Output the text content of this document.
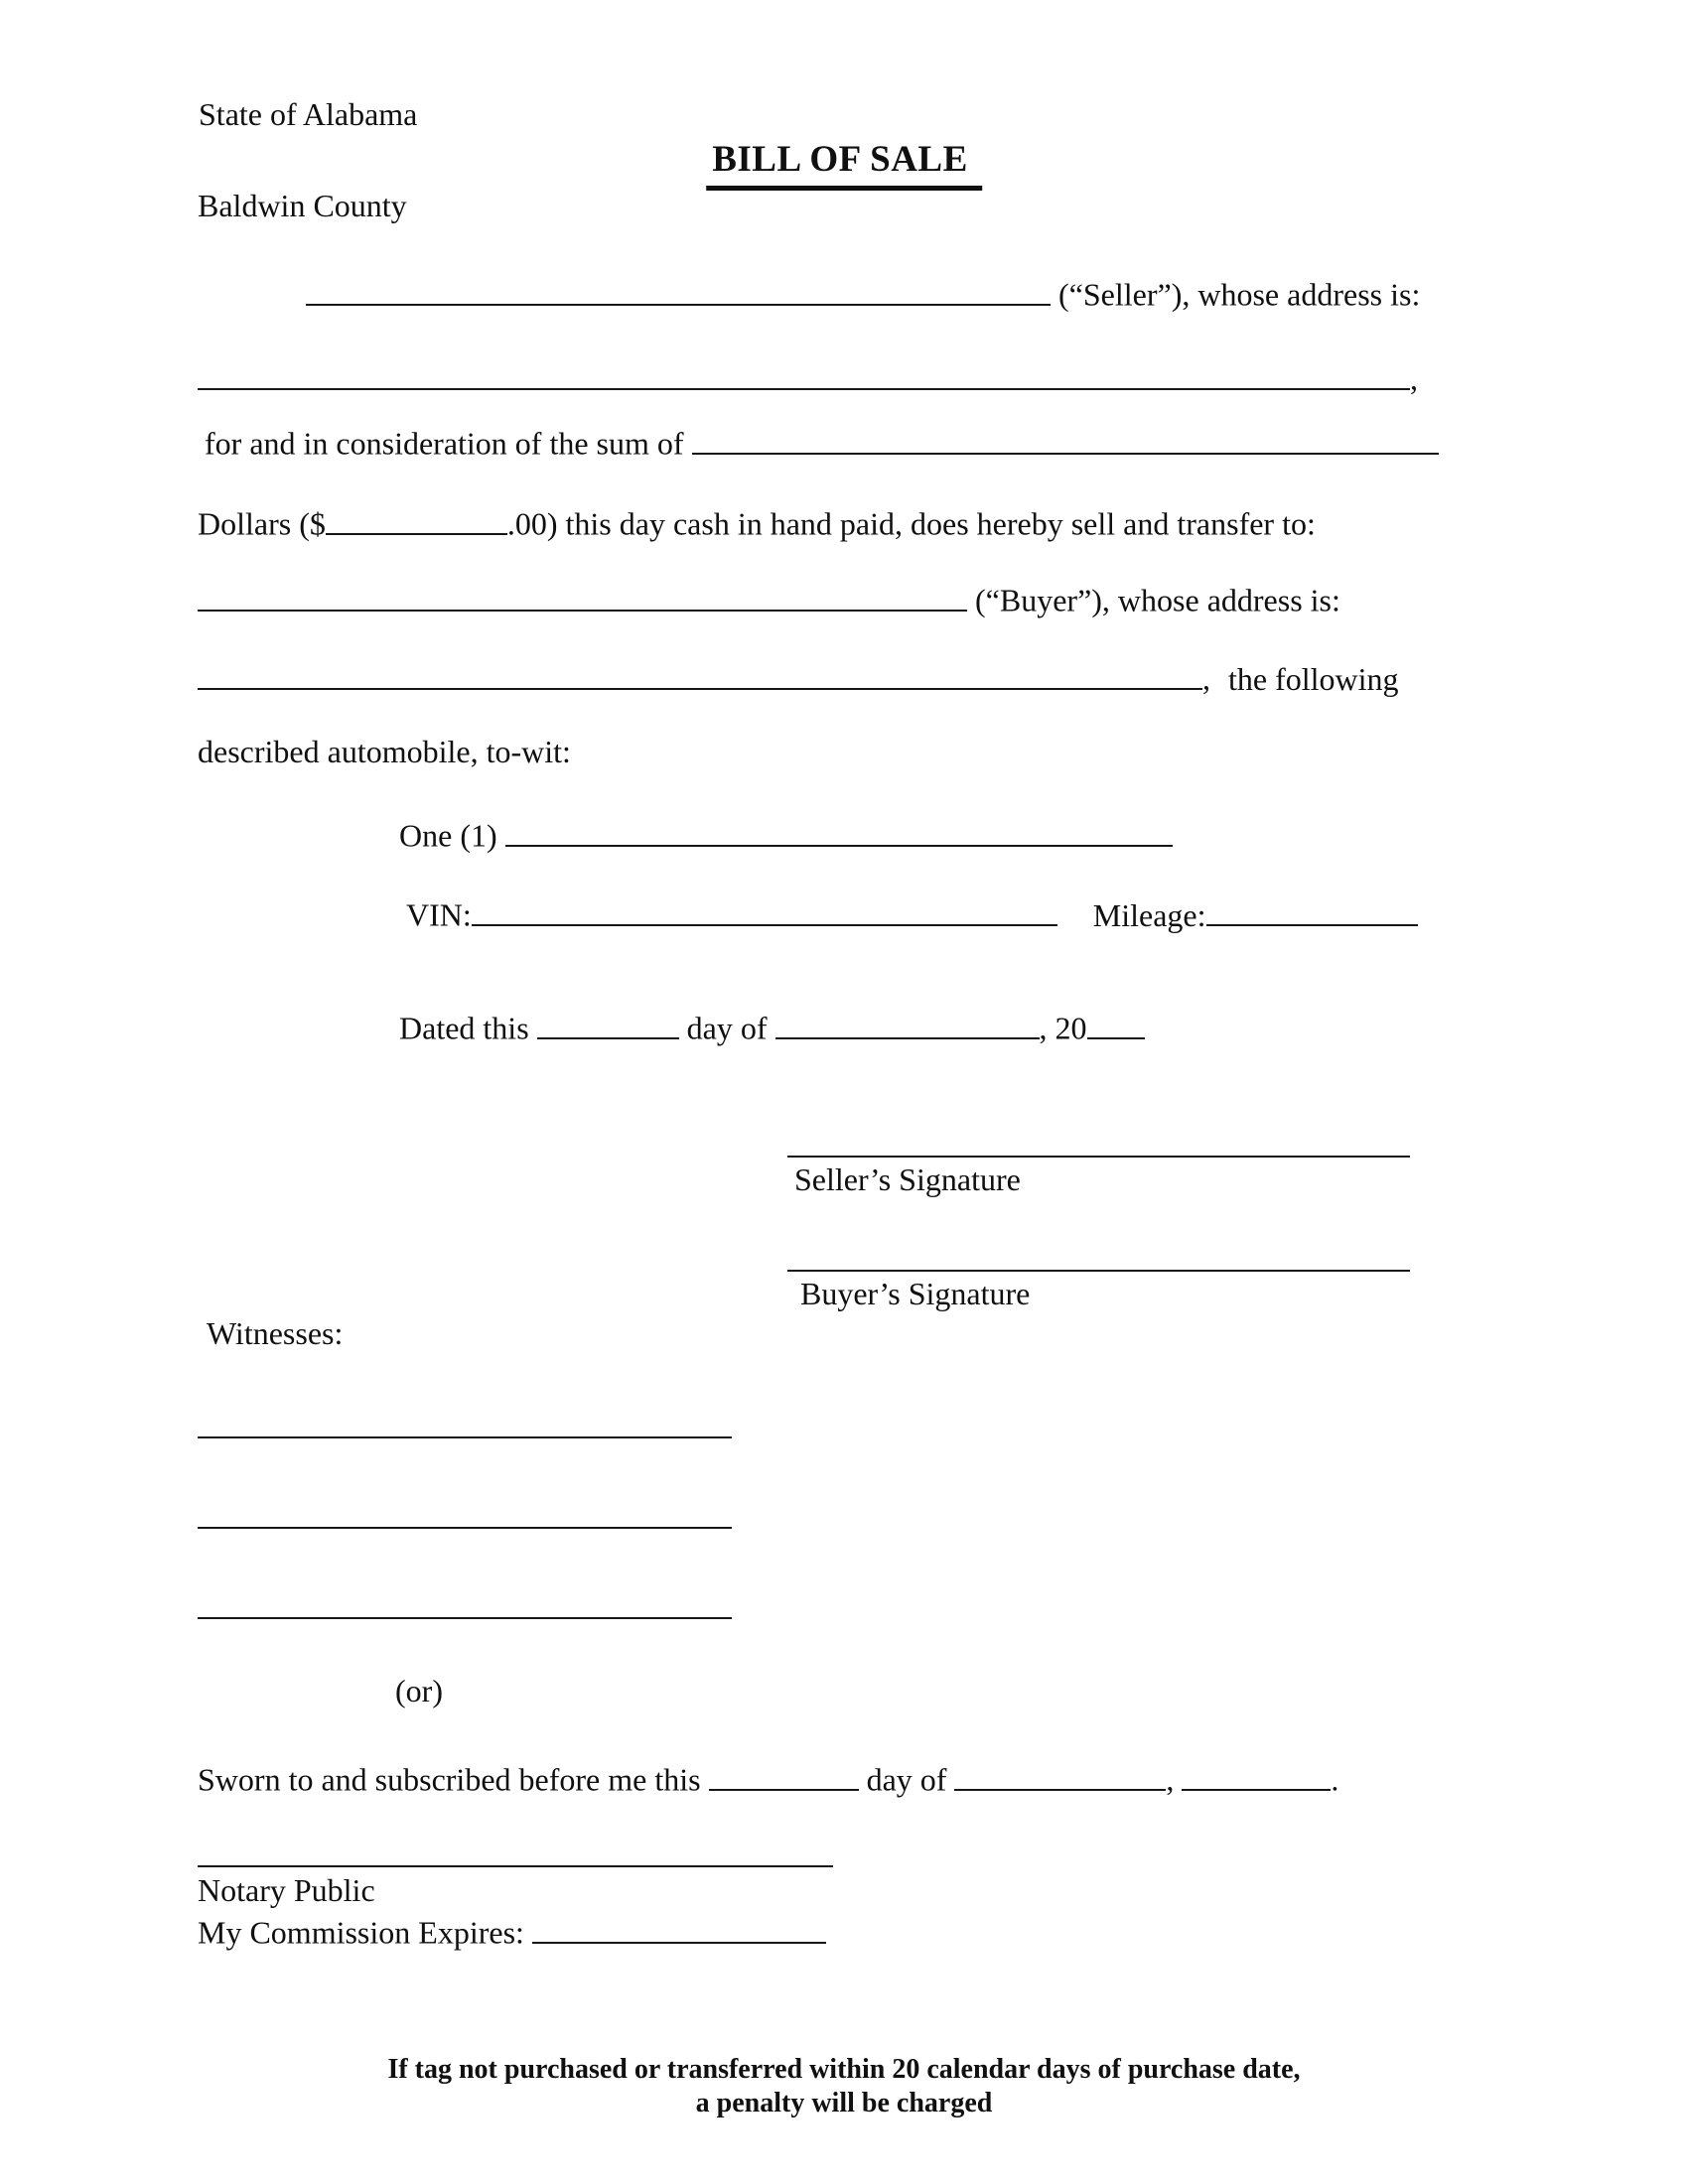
State of Alabama
BILL OF SALE
Baldwin County
(“Seller”), whose address is:
,
for and in consideration of the sum of
Dollars ($	.00) this day cash in hand paid, does hereby sell and transfer to:
(“Buyer”), whose address is:
, the following
described automobile, to-wit:
One (1)
VIN:	Mileage:
Dated this	day of	, 20
Seller’s Signature
Buyer’s Signature
Witnesses:
(or)
Sworn to and subscribed before me this	day of	,	.
Notary Public
My Commission Expires:
If tag not purchased or transferred within 20 calendar days of purchase date,
a penalty will be charged
